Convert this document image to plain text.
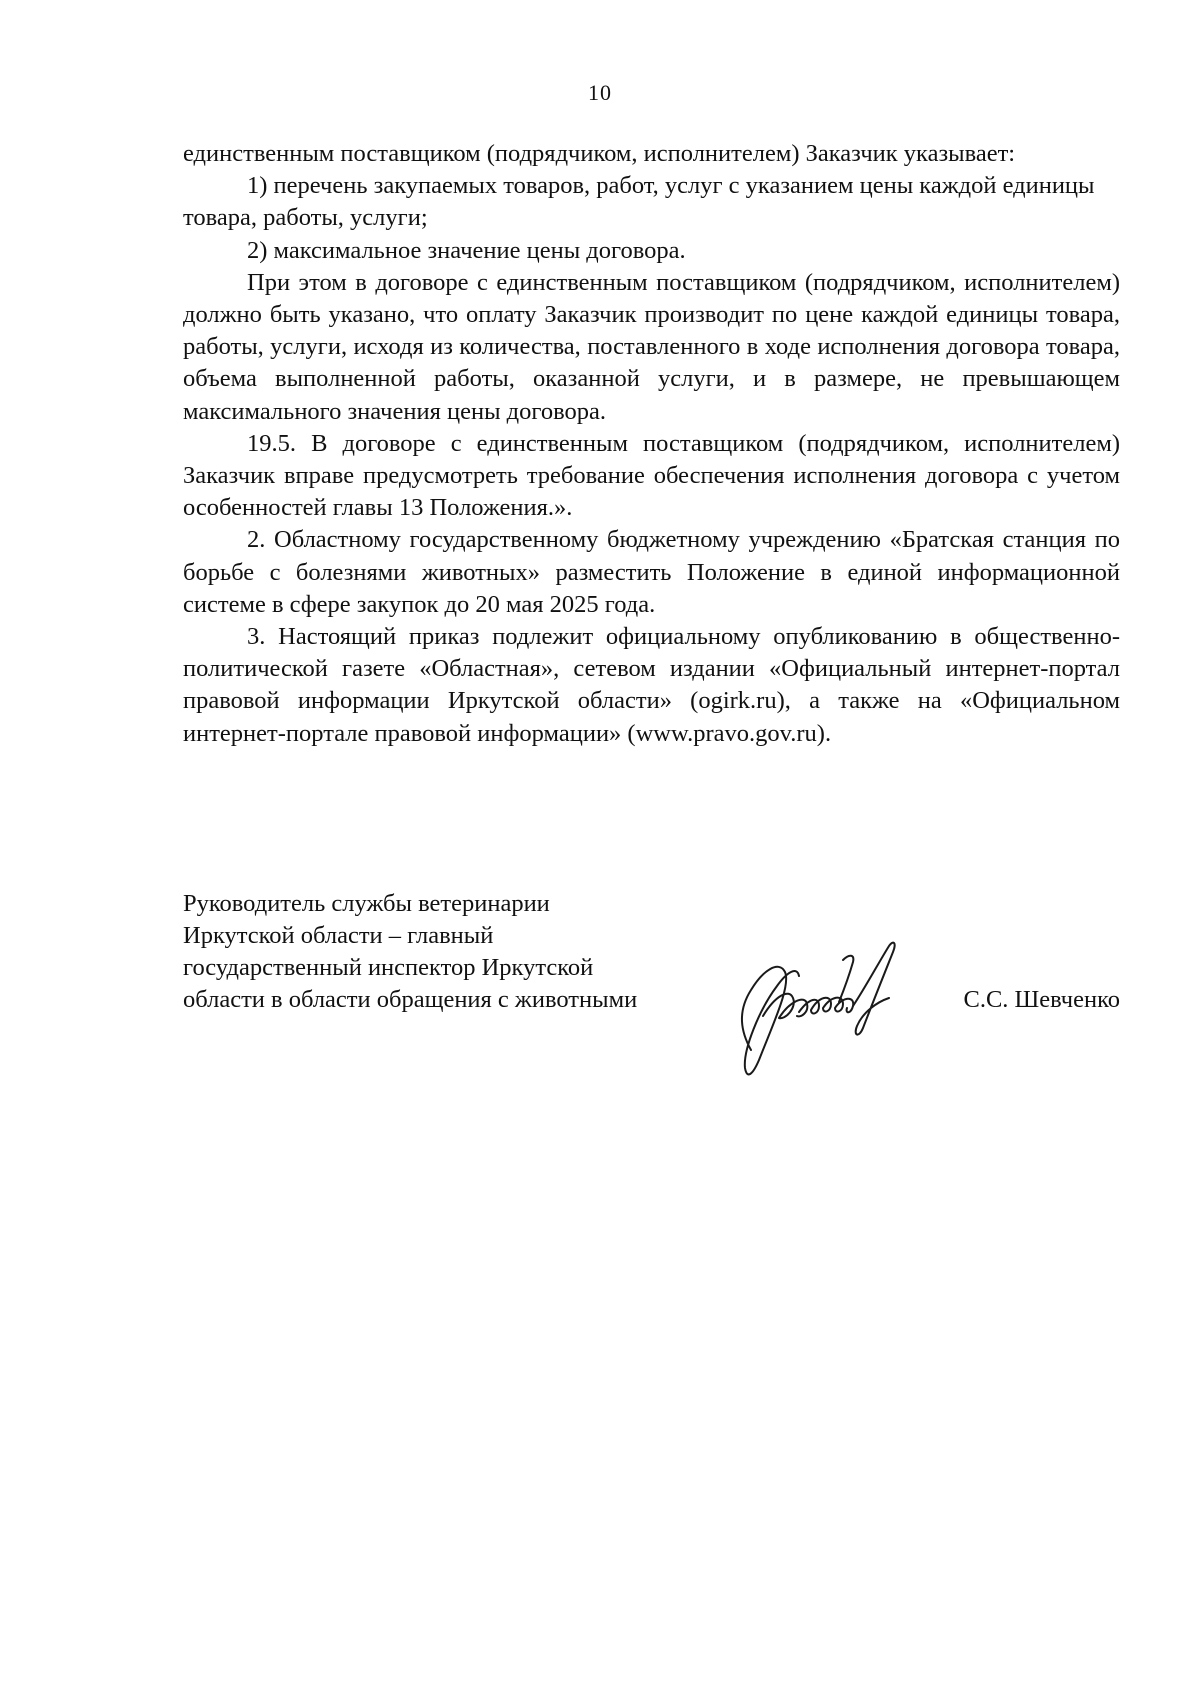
10

единственным поставщиком (подрядчиком, исполнителем) Заказчик указывает:

1) перечень закупаемых товаров, работ, услуг с указанием цены каждой единицы товара, работы, услуги;

2) максимальное значение цены договора.

При этом в договоре с единственным поставщиком (подрядчиком, исполнителем) должно быть указано, что оплату Заказчик производит по цене каждой единицы товара, работы, услуги, исходя из количества, поставленного в ходе исполнения договора товара, объема выполненной работы, оказанной услуги, и в размере, не превышающем максимального значения цены договора.

19.5. В договоре с единственным поставщиком (подрядчиком, исполнителем) Заказчик вправе предусмотреть требование обеспечения исполнения договора с учетом особенностей главы 13 Положения.».

2. Областному государственному бюджетному учреждению «Братская станция по борьбе с болезнями животных» разместить Положение в единой информационной системе в сфере закупок до 20 мая 2025 года.

3. Настоящий приказ подлежит официальному опубликованию в общественно-политической газете «Областная», сетевом издании «Официальный интернет-портал правовой информации Иркутской области» (ogirk.ru), а также на «Официальном интернет-портале правовой информации» (www.pravo.gov.ru).

Руководитель службы ветеринарии
Иркутской области – главный
государственный инспектор Иркутской
области в области обращения с животными	С.С. Шевченко
